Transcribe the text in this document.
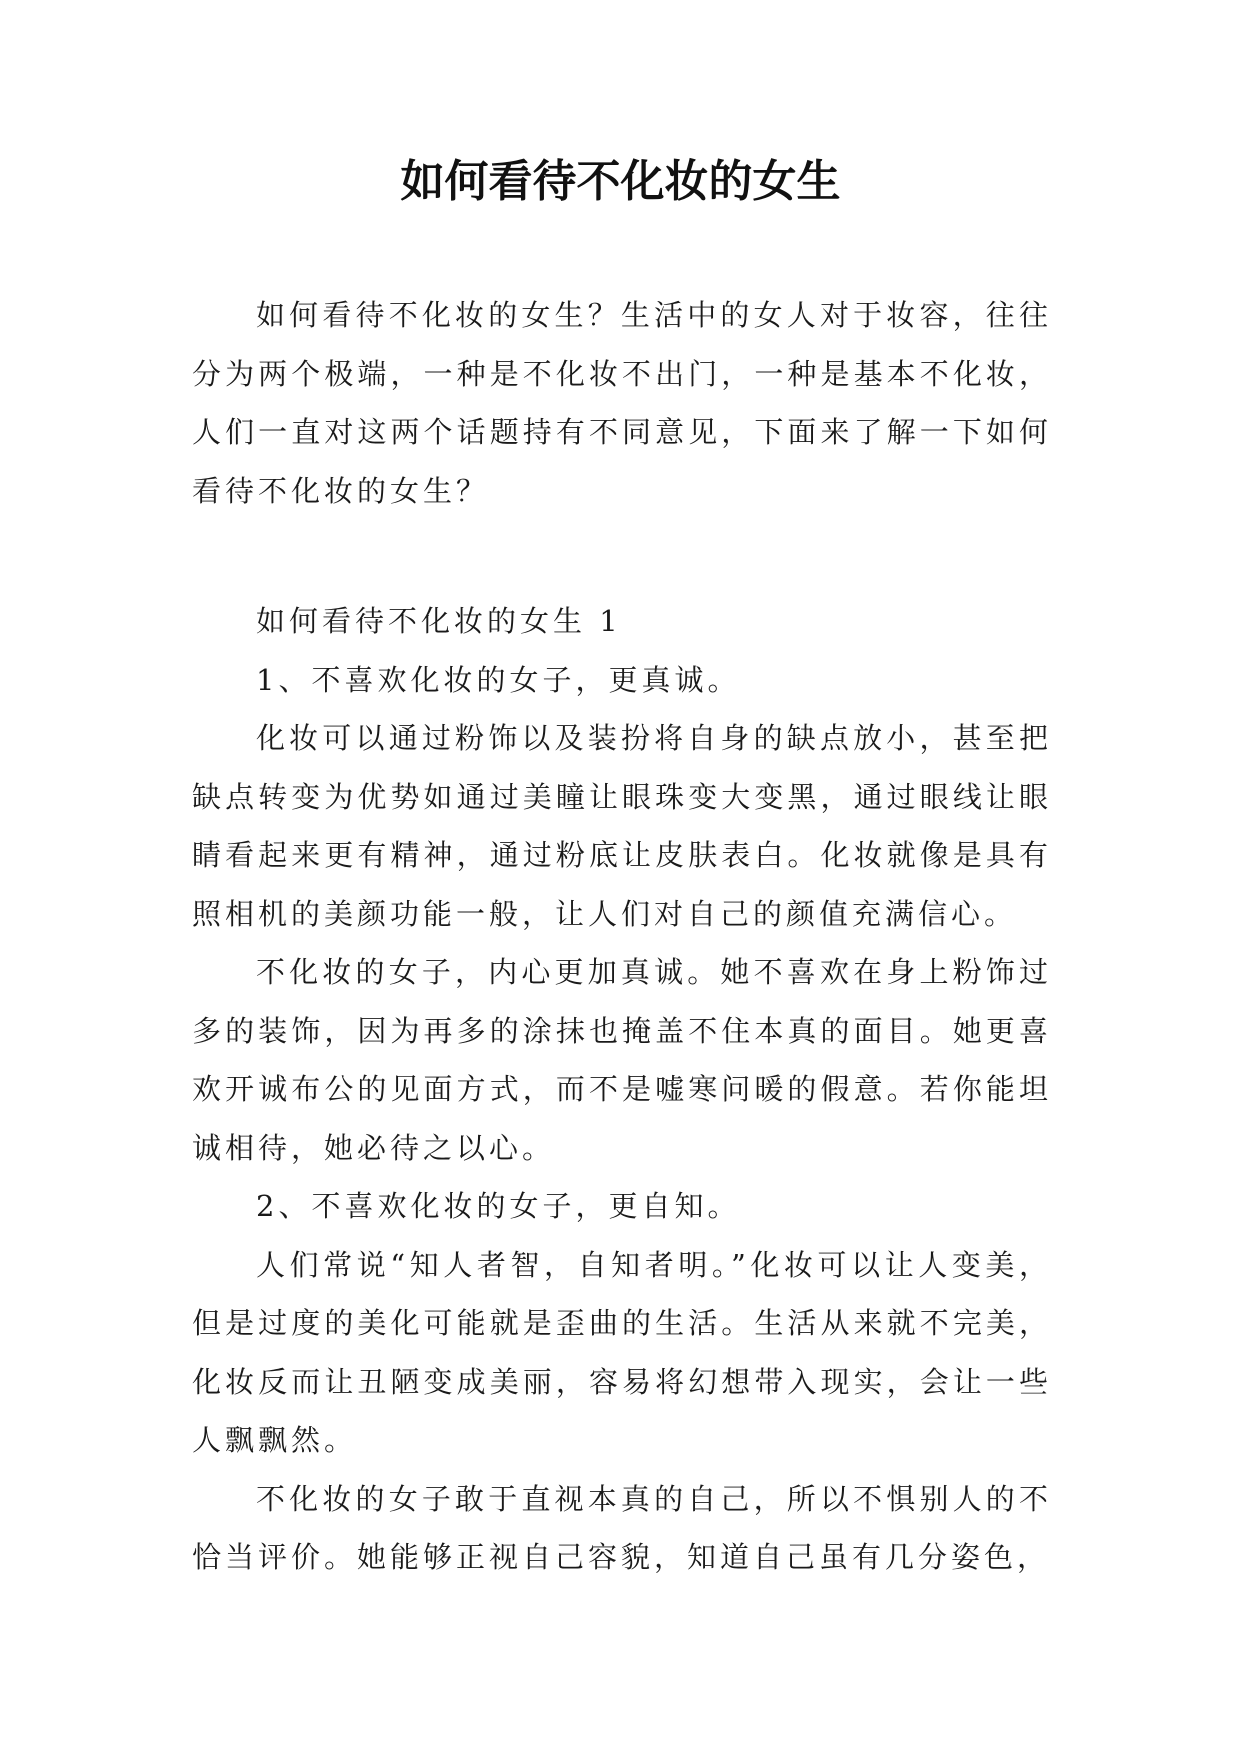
如何看待不化妆的女生

如何看待不化妆的女生？生活中的女人对于妆容，往往分为两个极端，一种是不化妆不出门，一种是基本不化妆，人们一直对这两个话题持有不同意见，下面来了解一下如何看待不化妆的女生？

如何看待不化妆的女生 1

1、不喜欢化妆的女子，更真诚。

化妆可以通过粉饰以及装扮将自身的缺点放小，甚至把缺点转变为优势如通过美瞳让眼珠变大变黑，通过眼线让眼睛看起来更有精神，通过粉底让皮肤表白。化妆就像是具有照相机的美颜功能一般，让人们对自己的颜值充满信心。

不化妆的女子，内心更加真诚。她不喜欢在身上粉饰过多的装饰，因为再多的涂抹也掩盖不住本真的面目。她更喜欢开诚布公的见面方式，而不是嘘寒问暖的假意。若你能坦诚相待，她必待之以心。

2、不喜欢化妆的女子，更自知。

人们常说“知人者智，自知者明。”化妆可以让人变美，但是过度的美化可能就是歪曲的生活。生活从来就不完美，化妆反而让丑陋变成美丽，容易将幻想带入现实，会让一些人飘飘然。

不化妆的女子敢于直视本真的自己，所以不惧别人的不恰当评价。她能够正视自己容貌，知道自己虽有几分姿色，
